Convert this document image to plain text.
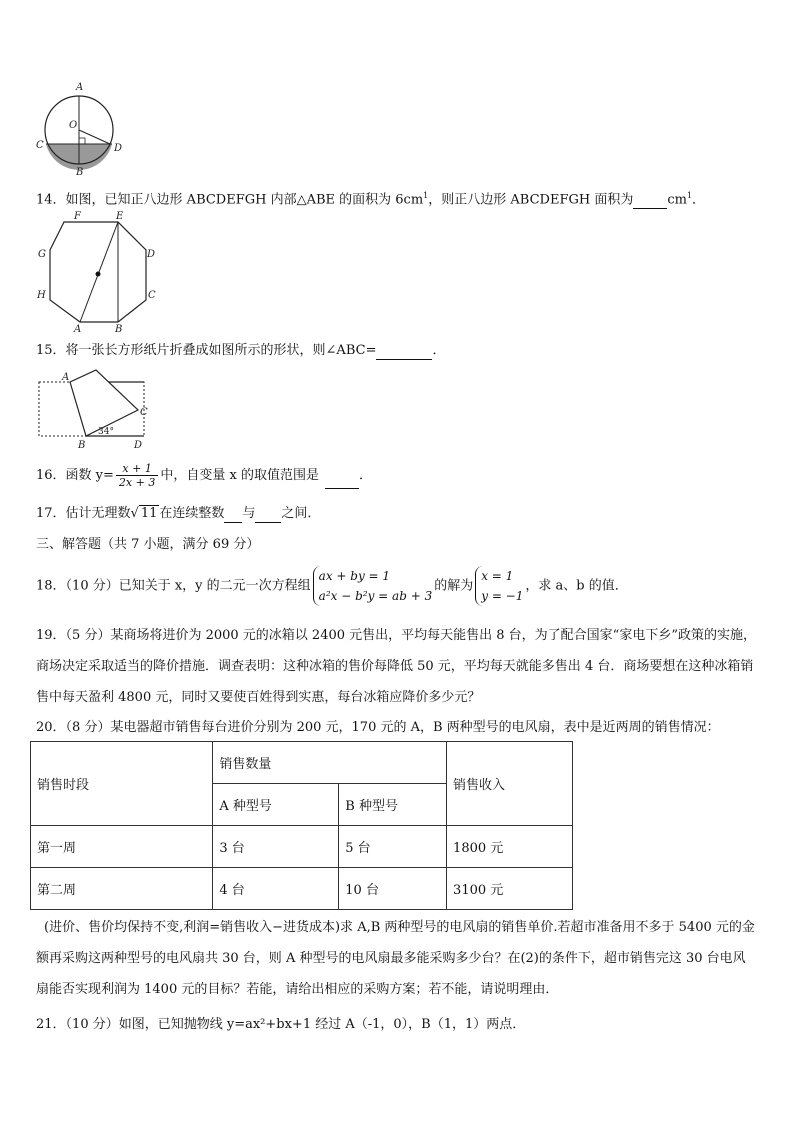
A
O
C	D
B
14．如图，已知正八边形 ABCDEFGH 内部△ABE 的面积为 $6cm^1$，则正八边形 ABCDEFGH 面积为	$cm^1$．
F	E
G	D
H	C
A	B
15．将一张长方形纸片折叠成如图所示的形状，则∠ABC=	．
A
C
B	D
34°
16．函数 $y= \frac{x + 1}{2x + 3}$ 中，自变量 x 的取值范围是	．
17．估计无理数√ 11 在连续整数 与 之间．
三、解答题（共 7 小题，满分 69 分）
18．（10 分）已知关于 x，y 的二元一次方程组
ax + by = 1
a²x − b²y = ab + 3
的解为
x = 1
y = −1
，求 a、b 的值．
19．（5 分）某商场将进价为 2000 元的冰箱以 2400 元售出，平均每天能售出 8 台，为了配合国家“家电下乡”政策的实施，商场决定采取适当的降价措施．调查表明：这种冰箱的售价每降低 50 元，平均每天就能多售出 4 台．商场要想在这种冰箱销售中每天盈利 4800 元，同时又要使百姓得到实惠，每台冰箱应降价多少元？
20．（8 分）某电器超市销售每台进价分别为 200 元，170 元的 A，B 两种型号的电风扇，表中是近两周的销售情况：
销售时段	销售数量		销售收入
	A 种型号	B 种型号	
第一周	3 台	5 台	1800 元
第二周	4 台	10 台	3100 元
(进价、售价均保持不变,利润=销售收入−进货成本)求 A,B 两种型号的电风扇的销售单价.若超市准备用不多于 5400 元的金额再采购这两种型号的电风扇共 30 台，则 A 种型号的电风扇最多能采购多少台？在(2)的条件下，超市销售完这 30 台电风扇能否实现利润为 1400 元的目标？若能，请给出相应的采购方案；若不能，请说明理由．
21．（10 分）如图，已知抛物线 y=ax²+bx+1 经过 A（-1，0），B（1，1）两点．
